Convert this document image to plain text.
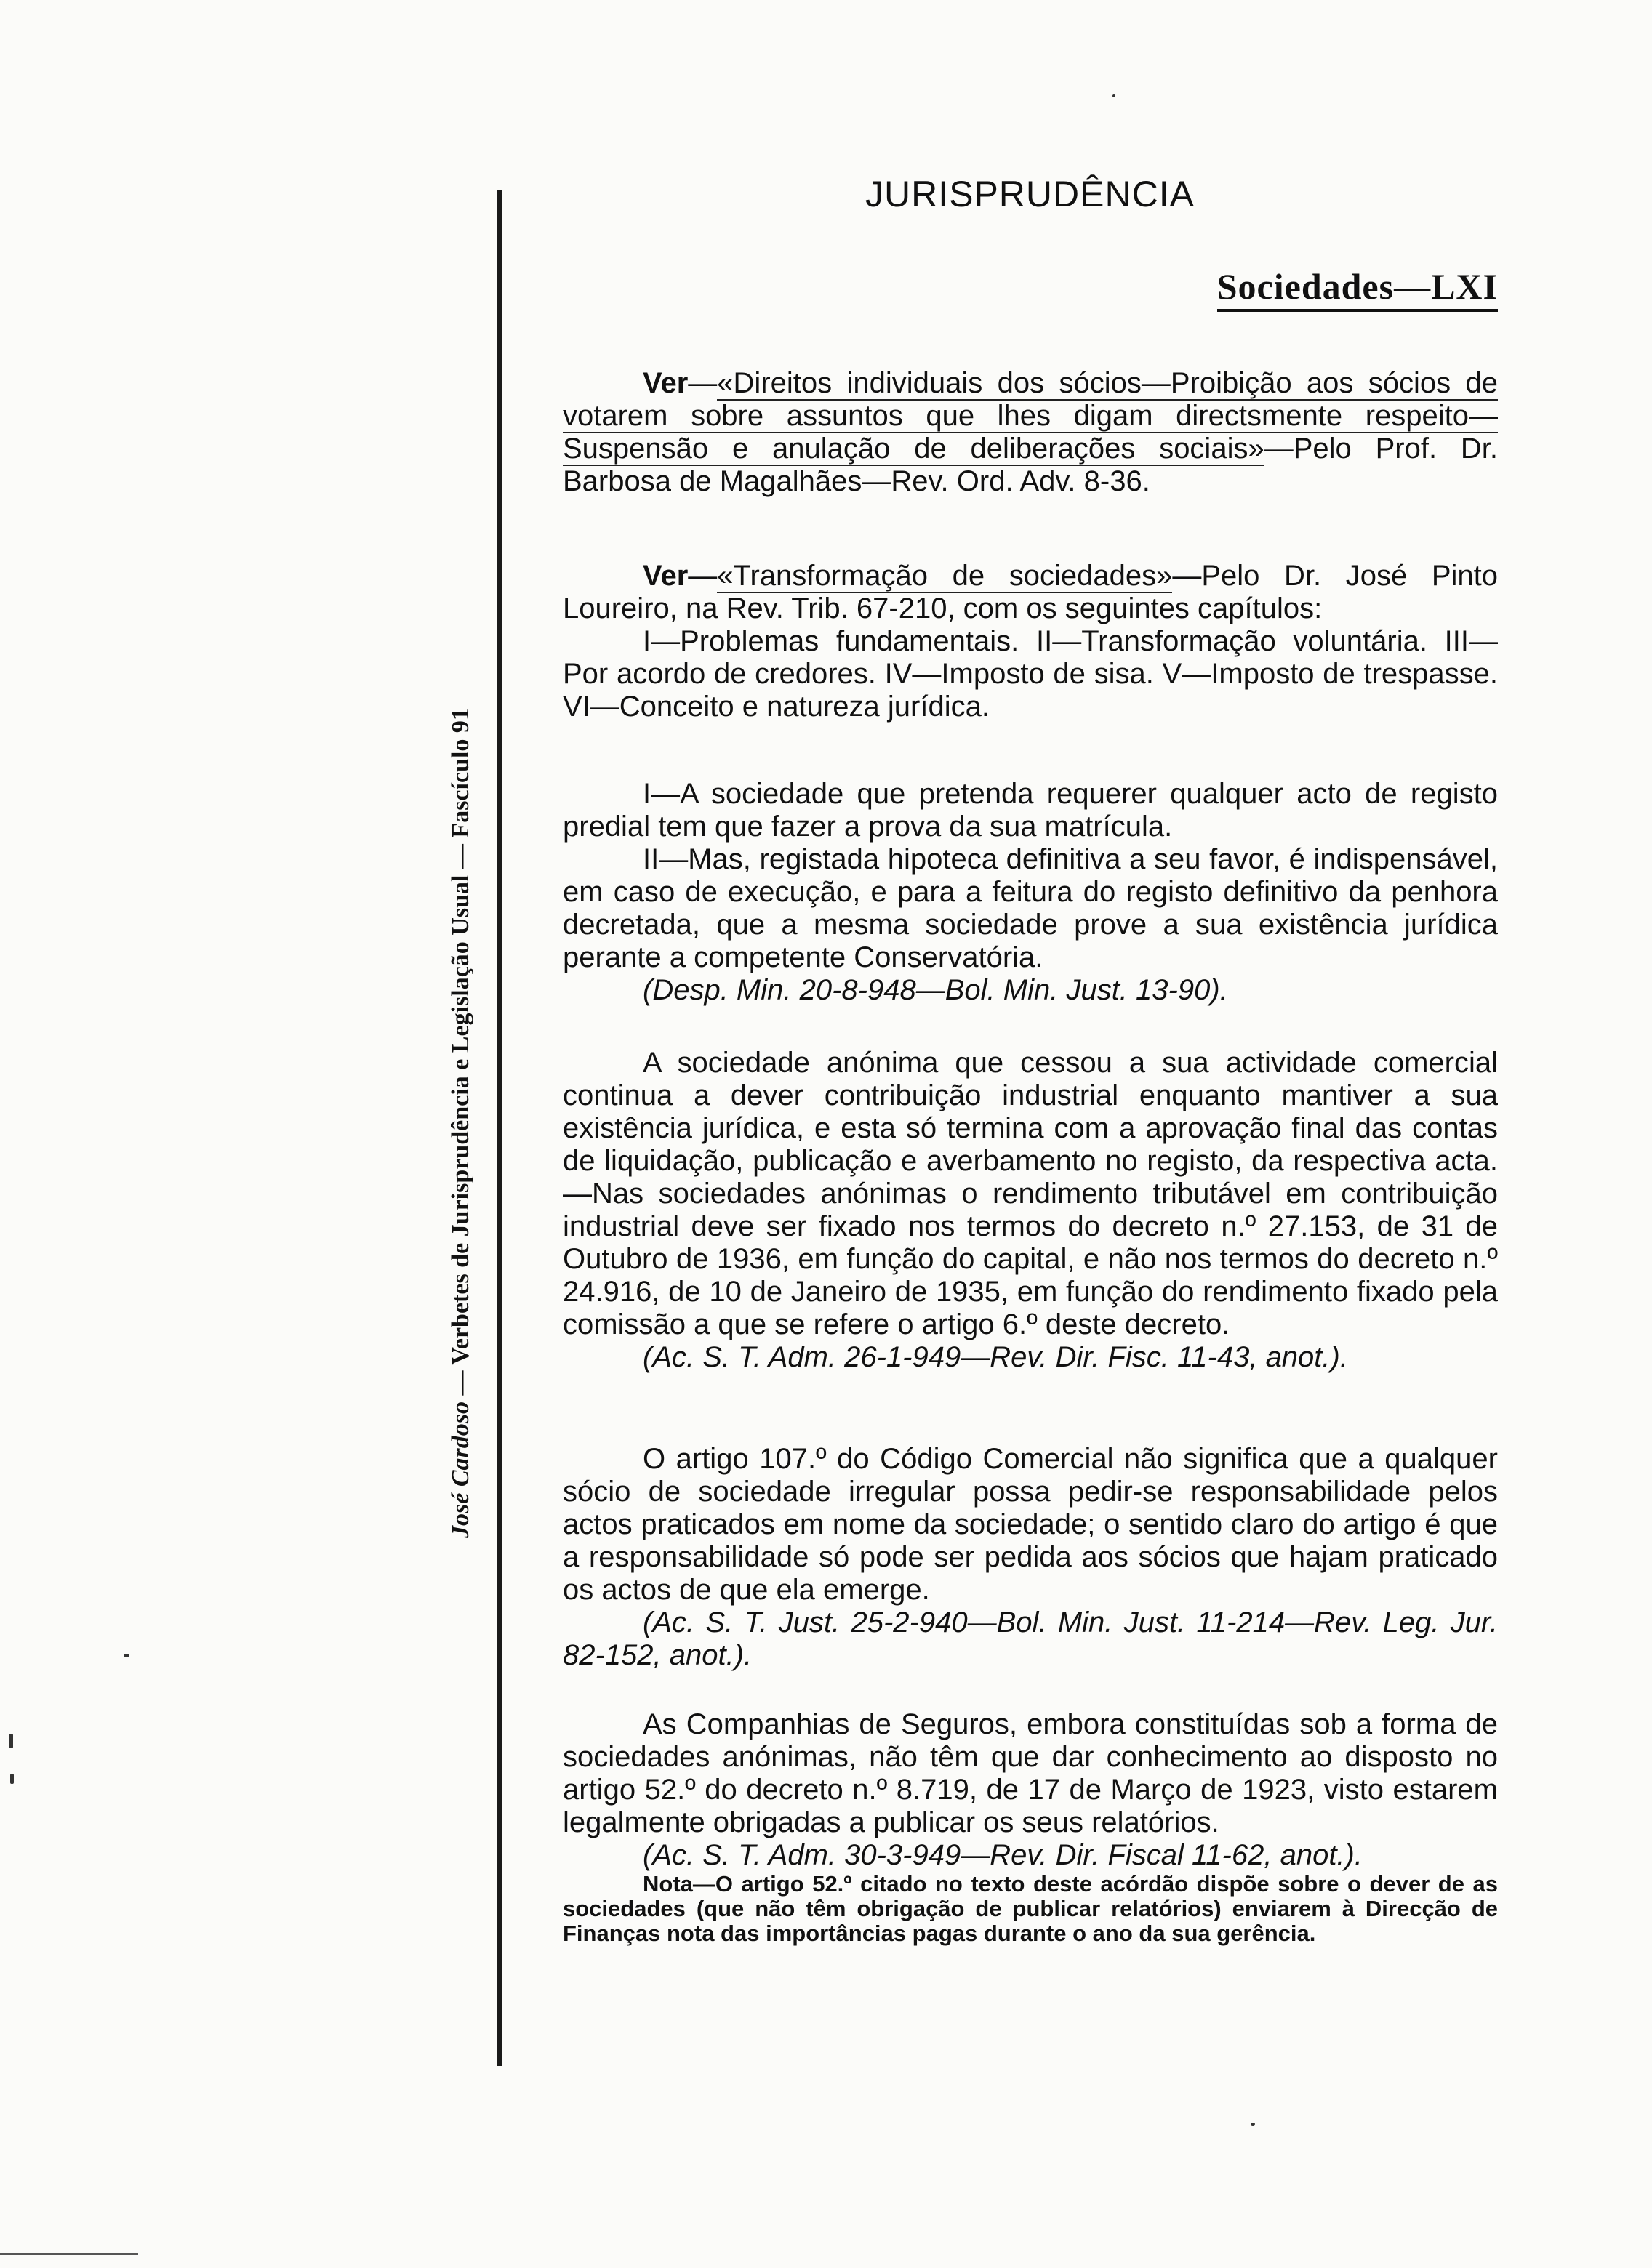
José Cardoso — Verbetes de Jurisprudência e Legislação Usual — Fascículo 91
JURISPRUDÊNCIA
Sociedades—LXI

Ver—«Direitos individuais dos sócios—Proibição aos sócios de votarem sobre assuntos que lhes digam directsmente respeito—Suspensão e anulação de deliberações sociais»—Pelo Prof. Dr. Barbosa de Magalhães—Rev. Ord. Adv. 8-36.

Ver—«Transformação de sociedades»—Pelo Dr. José Pinto Loureiro, na Rev. Trib. 67-210, com os seguintes capítulos:

I—Problemas fundamentais. II—Transformação voluntária. III—Por acordo de credores. IV—Imposto de sisa. V—Imposto de trespasse. VI—Conceito e natureza jurídica.

I—A sociedade que pretenda requerer qualquer acto de registo predial tem que fazer a prova da sua matrícula.

II—Mas, registada hipoteca definitiva a seu favor, é indispensável, em caso de execução, e para a feitura do registo definitivo da penhora decretada, que a mesma sociedade prove a sua existência jurídica perante a competente Conservatória.

(Desp. Min. 20-8-948—Bol. Min. Just. 13-90).

A sociedade anónima que cessou a sua actividade comercial continua a dever contribuição industrial enquanto mantiver a sua existência jurídica, e esta só termina com a aprovação final das contas de liquidação, publicação e averbamento no registo, da respectiva acta.—Nas sociedades anónimas o rendimento tributável em contribuição industrial deve ser fixado nos termos do decreto n.º 27.153, de 31 de Outubro de 1936, em função do capital, e não nos termos do decreto n.º 24.916, de 10 de Janeiro de 1935, em função do rendimento fixado pela comissão a que se refere o artigo 6.º deste decreto.

(Ac. S. T. Adm. 26-1-949—Rev. Dir. Fisc. 11-43, anot.).

O artigo 107.º do Código Comercial não significa que a qualquer sócio de sociedade irregular possa pedir-se responsabilidade pelos actos praticados em nome da sociedade; o sentido claro do artigo é que a responsabilidade só pode ser pedida aos sócios que hajam praticado os actos de que ela emerge.

(Ac. S. T. Just. 25-2-940—Bol. Min. Just. 11-214—Rev. Leg. Jur. 82-152, anot.).

As Companhias de Seguros, embora constituídas sob a forma de sociedades anónimas, não têm que dar conhecimento ao disposto no artigo 52.º do decreto n.º 8.719, de 17 de Março de 1923, visto estarem legalmente obrigadas a publicar os seus relatórios.

(Ac. S. T. Adm. 30-3-949—Rev. Dir. Fiscal 11-62, anot.).

Nota—O artigo 52.º citado no texto deste acórdão dispõe sobre o dever de as sociedades (que não têm obrigação de publicar relatórios) enviarem à Direcção de Finanças nota das importâncias pagas durante o ano da sua gerência.
